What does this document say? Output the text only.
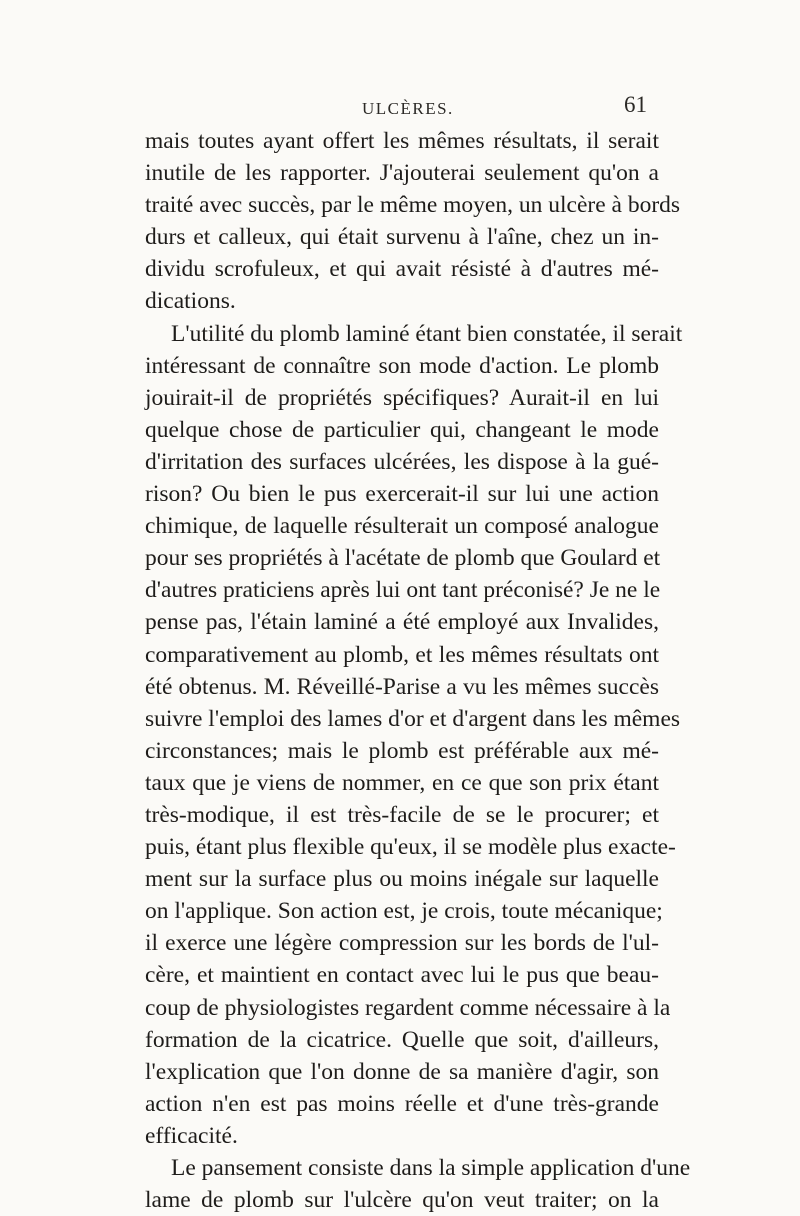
ULCÈRES.	61
mais toutes ayant offert les mêmes résultats, il serait
inutile de les rapporter. J'ajouterai seulement qu'on a
traité avec succès, par le même moyen, un ulcère à bords
durs et calleux, qui était survenu à l'aîne, chez un in-
dividu scrofuleux, et qui avait résisté à d'autres mé-
dications.
L'utilité du plomb laminé étant bien constatée, il serait
intéressant de connaître son mode d'action. Le plomb
jouirait-il de propriétés spécifiques? Aurait-il en lui
quelque chose de particulier qui, changeant le mode
d'irritation des surfaces ulcérées, les dispose à la gué-
rison? Ou bien le pus exercerait-il sur lui une action
chimique, de laquelle résulterait un composé analogue
pour ses propriétés à l'acétate de plomb que Goulard et
d'autres praticiens après lui ont tant préconisé? Je ne le
pense pas, l'étain laminé a été employé aux Invalides,
comparativement au plomb, et les mêmes résultats ont
été obtenus. M. Réveillé-Parise a vu les mêmes succès
suivre l'emploi des lames d'or et d'argent dans les mêmes
circonstances; mais le plomb est préférable aux mé-
taux que je viens de nommer, en ce que son prix étant
très-modique, il est très-facile de se le procurer; et
puis, étant plus flexible qu'eux, il se modèle plus exacte-
ment sur la surface plus ou moins inégale sur laquelle
on l'applique. Son action est, je crois, toute mécanique;
il exerce une légère compression sur les bords de l'ul-
cère, et maintient en contact avec lui le pus que beau-
coup de physiologistes regardent comme nécessaire à la
formation de la cicatrice. Quelle que soit, d'ailleurs,
l'explication que l'on donne de sa manière d'agir, son
action n'en est pas moins réelle et d'une très-grande
efficacité.
Le pansement consiste dans la simple application d'une
lame de plomb sur l'ulcère qu'on veut traiter; on la
